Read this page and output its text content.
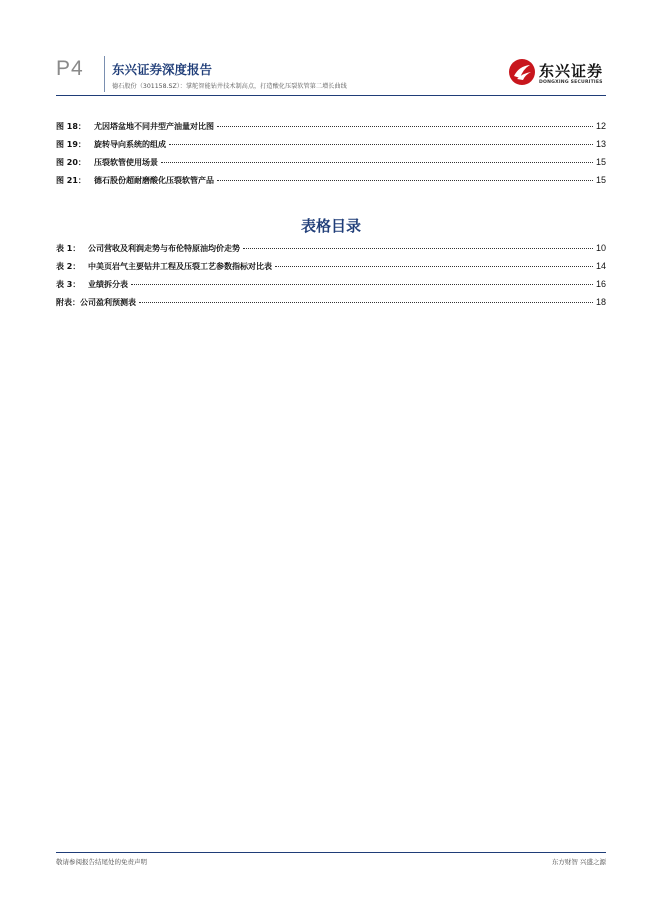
P4 东兴证券深度报告
德石股份（301158.SZ）：掌舵智能钻井技术制高点，打造酸化压裂软管第二增长曲线
东兴证券
DONGXING SECURITIES
图 18：	尤因塔盆地不同井型产油量对比图	12
图 19：	旋转导向系统的组成	13
图 20：	压裂软管使用场景	15
图 21：	德石股份超耐磨酸化压裂软管产品	15
表格目录
表 1： 公司营收及利润走势与布伦特原油均价走势	10
表 2： 中美页岩气主要钻井工程及压裂工艺参数指标对比表	14
表 3： 业绩拆分表	16
附表： 公司盈利预测表	18
敬请参阅报告结尾处的免责声明	东方财智 兴盛之源
